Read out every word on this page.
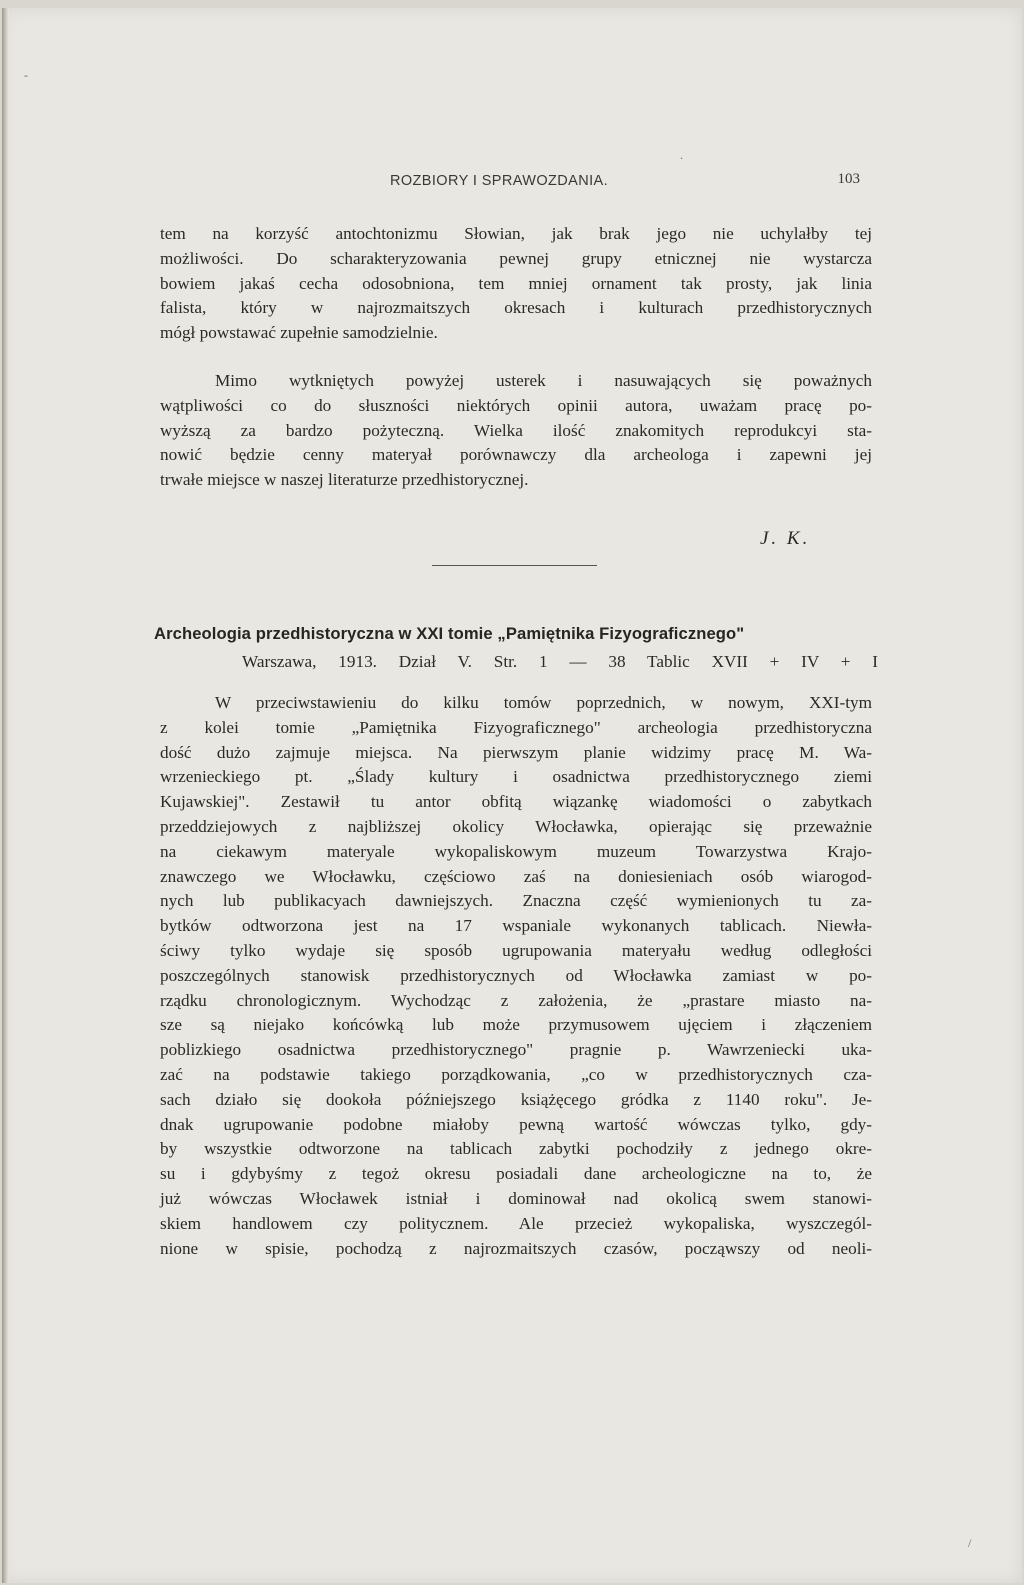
-
.
/
ROZBIORY I SPRAWOZDANIA.	103
tem na korzyść antochtonizmu Słowian, jak brak jego nie uchylałby tej
możliwości. Do scharakteryzowania pewnej grupy etnicznej nie wystarcza
bowiem jakaś cecha odosobniona, tem mniej ornament tak prosty, jak linia
falista, który w najrozmaitszych okresach i kulturach przedhistorycznych
mógł powstawać zupełnie samodzielnie.
Mimo wytkniętych powyżej usterek i nasuwających się poważnych
wątpliwości co do słuszności niektórych opinii autora, uważam pracę po-
wyższą za bardzo pożyteczną. Wielka ilość znakomitych reprodukcyi sta-
nowić będzie cenny materyał porównawczy dla archeologa i zapewni jej
trwałe miejsce w naszej literaturze przedhistorycznej.
J. K.
Archeologia przedhistoryczna w XXI tomie „Pamiętnika Fizyograficznego"
Warszawa, 1913. Dział V. Str. 1 — 38 Tablic XVII + IV + I
W przeciwstawieniu do kilku tomów poprzednich, w nowym, XXI-tym
z kolei tomie „Pamiętnika Fizyograficznego" archeologia przedhistoryczna
dość dużo zajmuje miejsca. Na pierwszym planie widzimy pracę M. Wa-
wrzenieckiego pt. „Ślady kultury i osadnictwa przedhistorycznego ziemi
Kujawskiej". Zestawił tu antor obfitą wiązankę wiadomości o zabytkach
przeddziejowych z najbliższej okolicy Włocławka, opierając się przeważnie
na ciekawym materyale wykopaliskowym muzeum Towarzystwa Krajo-
znawczego we Włocławku, częściowo zaś na doniesieniach osób wiarogod-
nych lub publikacyach dawniejszych. Znaczna część wymienionych tu za-
bytków odtworzona jest na 17 wspaniale wykonanych tablicach. Niewła-
ściwy tylko wydaje się sposób ugrupowania materyału według odległości
poszczególnych stanowisk przedhistorycznych od Włocławka zamiast w po-
rządku chronologicznym. Wychodząc z założenia, że „prastare miasto na-
sze są niejako końcówką lub może przymusowem ujęciem i złączeniem
poblizkiego osadnictwa przedhistorycznego" pragnie p. Wawrzeniecki uka-
zać na podstawie takiego porządkowania, „co w przedhistorycznych cza-
sach działo się dookoła późniejszego książęcego gródka z 1140 roku". Je-
dnak ugrupowanie podobne miałoby pewną wartość wówczas tylko, gdy-
by wszystkie odtworzone na tablicach zabytki pochodziły z jednego okre-
su i gdybyśmy z tegoż okresu posiadali dane archeologiczne na to, że
już wówczas Włocławek istniał i dominował nad okolicą swem stanowi-
skiem handlowem czy politycznem. Ale przecież wykopaliska, wyszczegól-
nione w spisie, pochodzą z najrozmaitszych czasów, począwszy od neoli-
